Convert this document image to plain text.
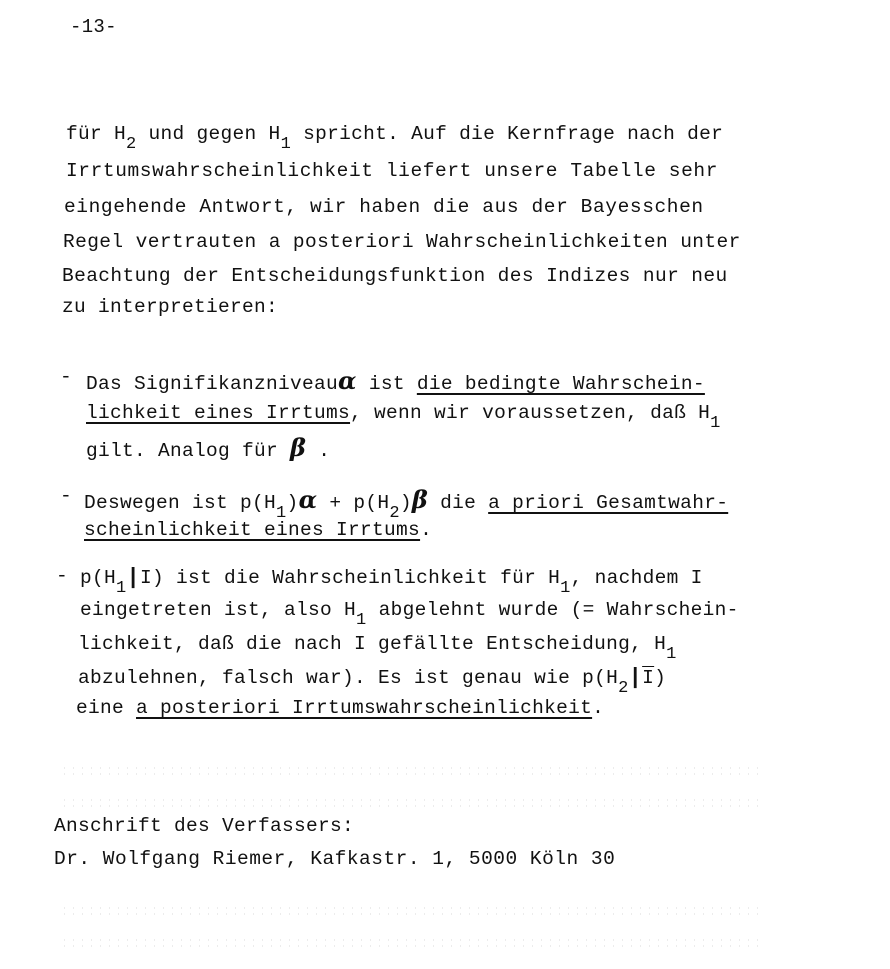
-13-
für H2 und gegen H1 spricht. Auf die Kernfrage nach der
Irrtumswahrscheinlichkeit liefert unsere Tabelle sehr
eingehende Antwort, wir haben die aus der Bayesschen
Regel vertrauten a posteriori Wahrscheinlichkeiten unter
Beachtung der Entscheidungsfunktion des Indizes nur neu
zu interpretieren:
- Das Signifikanzniveauα ist die bedingte Wahrschein-
lichkeit eines Irrtums, wenn wir voraussetzen, daß H1
gilt. Analog für β .
- Deswegen ist p(H1)α + p(H2)β die a priori Gesamtwahr-
scheinlichkeit eines Irrtums.
- p(H1|I) ist die Wahrscheinlichkeit für H1, nachdem I
eingetreten ist, also H1 abgelehnt wurde (= Wahrschein-
lichkeit, daß die nach I gefällte Entscheidung, H1
abzulehnen, falsch war). Es ist genau wie $p(H2|\overline{I})$
eine a posteriori Irrtumswahrscheinlichkeit.
Anschrift des Verfassers:
Dr. Wolfgang Riemer, Kafkastr. 1, 5000 Köln 30
